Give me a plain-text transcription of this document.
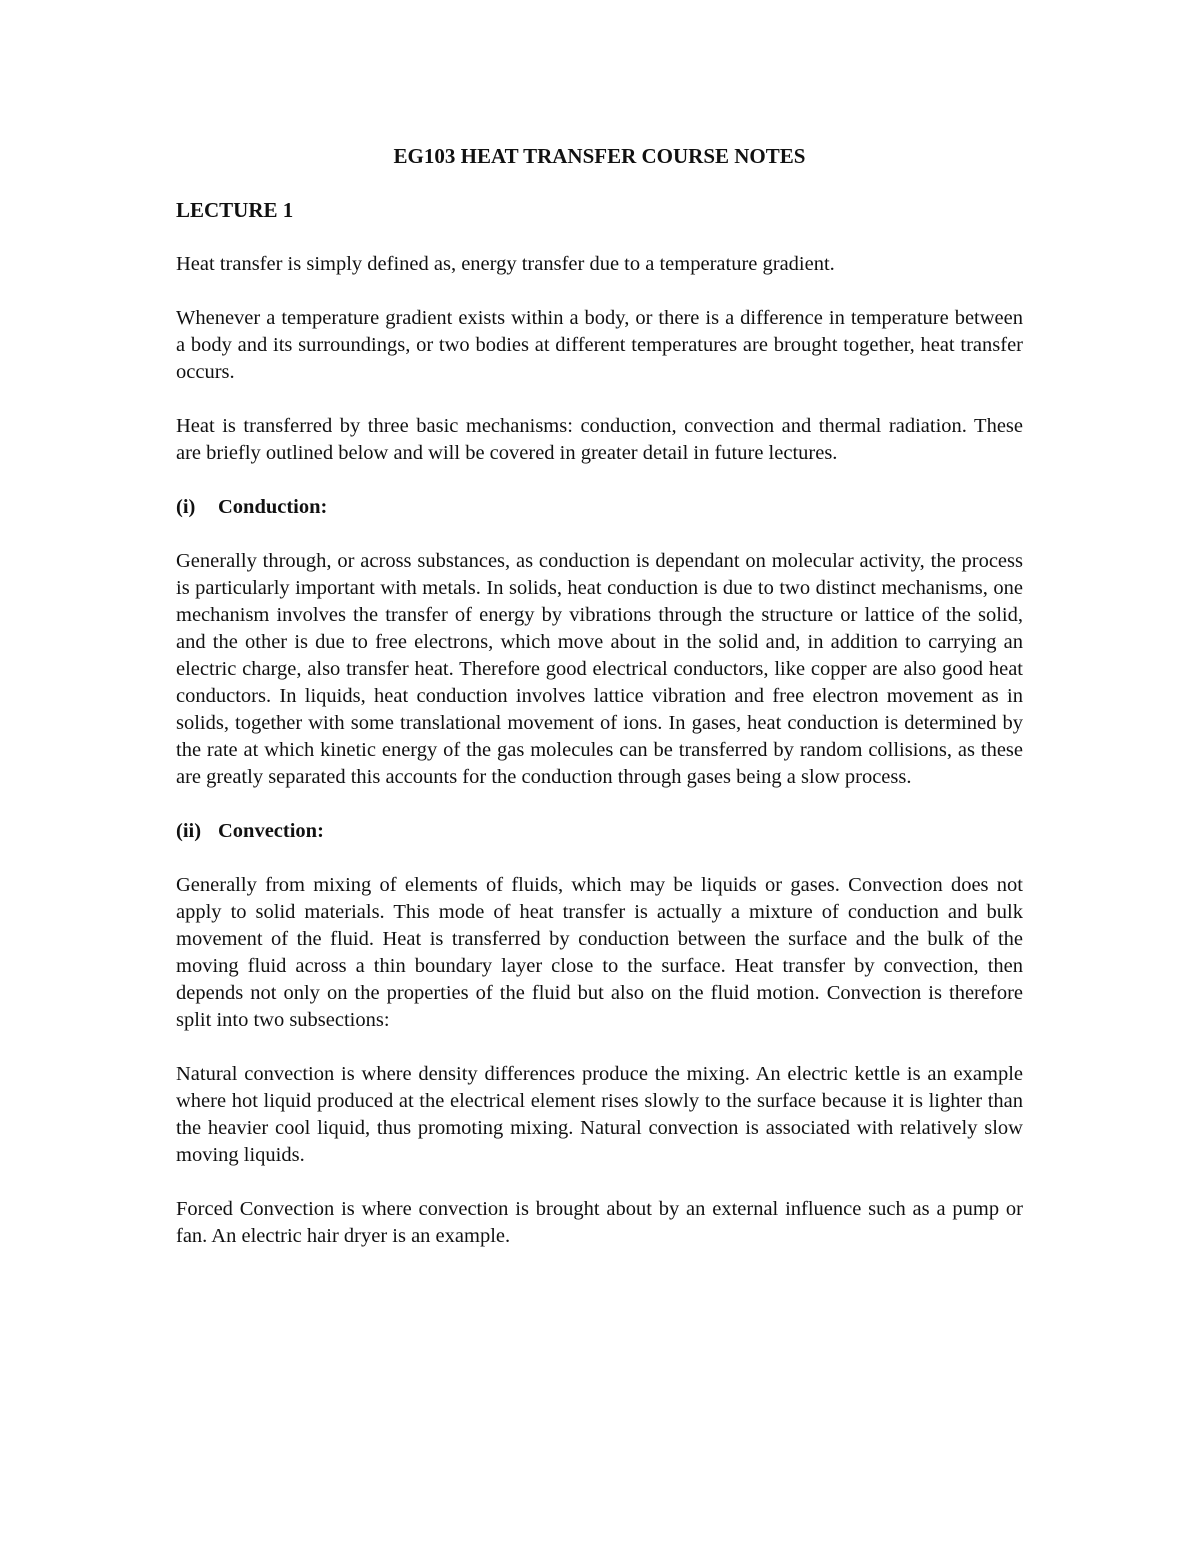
EG103 HEAT TRANSFER COURSE NOTES
LECTURE 1

Heat transfer is simply defined as, energy transfer due to a temperature gradient.

Whenever a temperature gradient exists within a body, or there is a difference in temperature between a body and its surroundings, or two bodies at different temperatures are brought together, heat transfer occurs.

Heat is transferred by three basic mechanisms: conduction, convection and thermal radiation. These are briefly outlined below and will be covered in greater detail in future lectures.

(i) Conduction:

Generally through, or across substances, as conduction is dependant on molecular activity, the process is particularly important with metals. In solids, heat conduction is due to two distinct mechanisms, one mechanism involves the transfer of energy by vibrations through the structure or lattice of the solid, and the other is due to free electrons, which move about in the solid and, in addition to carrying an electric charge, also transfer heat. Therefore good electrical conductors, like copper are also good heat conductors. In liquids, heat conduction involves lattice vibration and free electron movement as in solids, together with some translational movement of ions. In gases, heat conduction is determined by the rate at which kinetic energy of the gas molecules can be transferred by random collisions, as these are greatly separated this accounts for the conduction through gases being a slow process.

(ii) Convection:

Generally from mixing of elements of fluids, which may be liquids or gases. Convection does not apply to solid materials. This mode of heat transfer is actually a mixture of conduction and bulk movement of the fluid. Heat is transferred by conduction between the surface and the bulk of the moving fluid across a thin boundary layer close to the surface. Heat transfer by convection, then depends not only on the properties of the fluid but also on the fluid motion. Convection is therefore split into two subsections:

Natural convection is where density differences produce the mixing. An electric kettle is an example where hot liquid produced at the electrical element rises slowly to the surface because it is lighter than the heavier cool liquid, thus promoting mixing. Natural convection is associated with relatively slow moving liquids.

Forced Convection is where convection is brought about by an external influence such as a pump or fan. An electric hair dryer is an example.
